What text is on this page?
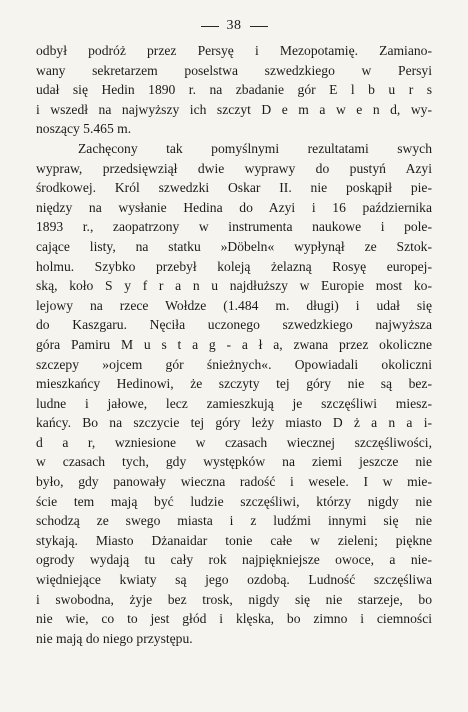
38
odbył podróż przez Persyę i Mezopotamię. Zamiano-
wany sekretarzem poselstwa szwedzkiego w Persyi
udał się Hedin 1890 r. na zbadanie gór E l b u r s
i wszedł na najwyższy ich szczyt D e m a w e n d, wy-
noszący 5.465 m.
Zachęcony tak pomyślnymi rezultatami swych
wypraw, przedsięwziął dwie wyprawy do pustyń Azyi
środkowej. Król szwedzki Oskar II. nie poskąpił pie-
niędzy na wysłanie Hedina do Azyi i 16 października
1893 r., zaopatrzony w instrumenta naukowe i pole-
cające listy, na statku »Döbeln« wypłynął ze Sztok-
holmu. Szybko przebył koleją żelazną Rosyę europej-
ską, koło S y f r a n u najdłuższy w Europie most ko-
lejowy na rzece Wołdze (1.484 m. długi) i udał się
do Kaszgaru. Nęciła uczonego szwedzkiego najwyższa
góra Pamiru M u s t a g - a ł a, zwana przez okoliczne
szczepy »ojcem gór śnieżnych«. Opowiadali okoliczni
mieszkańcy Hedinowi, że szczyty tej góry nie są bez-
ludne i jałowe, lecz zamieszkują je szczęśliwi miesz-
kańcy. Bo na szczycie tej góry leży miasto D ż a n a i-
d a r, wzniesione w czasach wiecznej szczęśliwości,
w czasach tych, gdy występków na ziemi jeszcze nie
było, gdy panowały wieczna radość i wesele. I w mie-
ście tem mają być ludzie szczęśliwi, którzy nigdy nie
schodzą ze swego miasta i z ludźmi innymi się nie
stykają. Miasto Dżanaidar tonie całe w zieleni; piękne
ogrody wydają tu cały rok najpiękniejsze owoce, a nie-
więdniejące kwiaty są jego ozdobą. Ludność szczęśliwa
i swobodna, żyje bez trosk, nigdy się nie starzeje, bo
nie wie, co to jest głód i klęska, bo zimno i ciemności
nie mają do niego przystępu.
